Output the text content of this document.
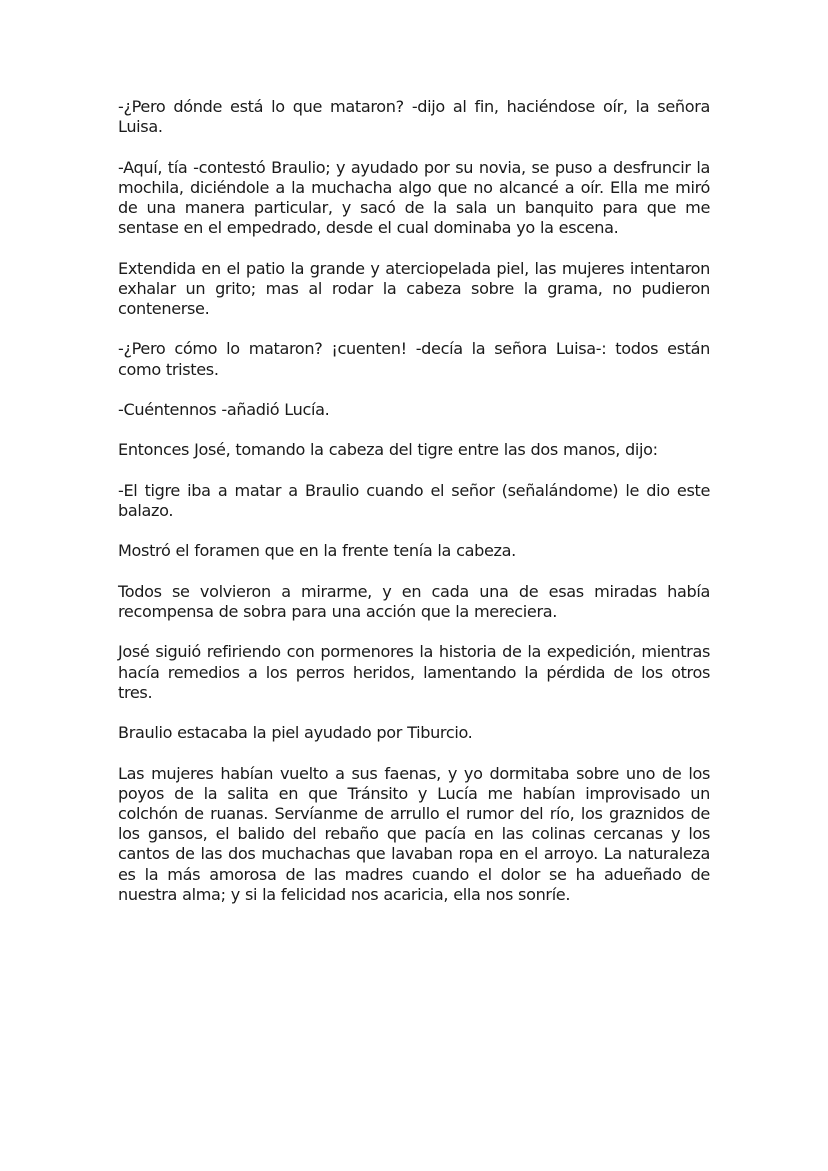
-¿Pero dónde está lo que mataron? -dijo al fin, haciéndose oír, la señora Luisa.

-Aquí, tía -contestó Braulio; y ayudado por su novia, se puso a desfruncir la mochila, diciéndole a la muchacha algo que no alcancé a oír. Ella me miró de una manera particular, y sacó de la sala un banquito para que me sentase en el empedrado, desde el cual dominaba yo la escena.

Extendida en el patio la grande y aterciopelada piel, las mujeres intentaron exhalar un grito; mas al rodar la cabeza sobre la grama, no pudieron contenerse.

-¿Pero cómo lo mataron? ¡cuenten! -decía la señora Luisa-: todos están como tristes.

-Cuéntennos -añadió Lucía.

Entonces José, tomando la cabeza del tigre entre las dos manos, dijo:

-El tigre iba a matar a Braulio cuando el señor (señalándome) le dio este balazo.

Mostró el foramen que en la frente tenía la cabeza.

Todos se volvieron a mirarme, y en cada una de esas miradas había recompensa de sobra para una acción que la mereciera.

José siguió refiriendo con pormenores la historia de la expedición, mientras hacía remedios a los perros heridos, lamentando la pérdida de los otros tres.

Braulio estacaba la piel ayudado por Tiburcio.

Las mujeres habían vuelto a sus faenas, y yo dormitaba sobre uno de los poyos de la salita en que Tránsito y Lucía me habían improvisado un colchón de ruanas. Servíanme de arrullo el rumor del río, los graznidos de los gansos, el balido del rebaño que pacía en las colinas cercanas y los cantos de las dos muchachas que lavaban ropa en el arroyo. La naturaleza es la más amorosa de las madres cuando el dolor se ha adueñado de nuestra alma; y si la felicidad nos acaricia, ella nos sonríe.
